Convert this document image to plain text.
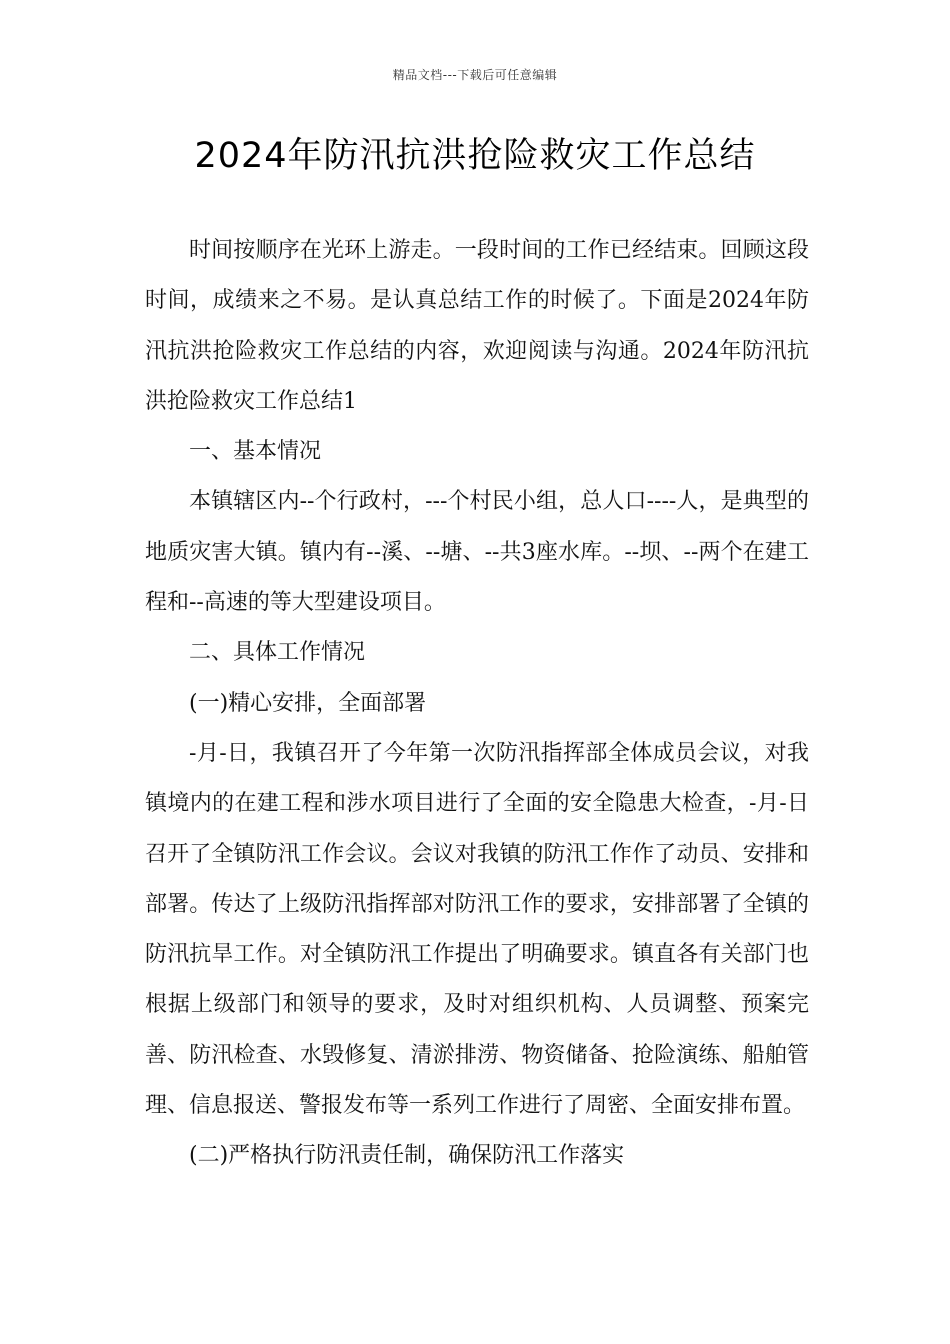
精品文档---下载后可任意编辑
2024年防汛抗洪抢险救灾工作总结

时间按顺序在光环上游走。一段时间的工作已经结束。回顾这段时间，成绩来之不易。是认真总结工作的时候了。下面是2024年防汛抗洪抢险救灾工作总结的内容，欢迎阅读与沟通。2024年防汛抗洪抢险救灾工作总结1

一、基本情况

本镇辖区内--个行政村，---个村民小组，总人口----人，是典型的地质灾害大镇。镇内有--溪、--塘、--共3座水库。--坝、--两个在建工程和--高速的等大型建设项目。

二、具体工作情况

(一)精心安排，全面部署

-月-日，我镇召开了今年第一次防汛指挥部全体成员会议，对我镇境内的在建工程和涉水项目进行了全面的安全隐患大检查，-月-日召开了全镇防汛工作会议。会议对我镇的防汛工作作了动员、安排和部署。传达了上级防汛指挥部对防汛工作的要求，安排部署了全镇的防汛抗旱工作。对全镇防汛工作提出了明确要求。镇直各有关部门也根据上级部门和领导的要求，及时对组织机构、人员调整、预案完善、防汛检查、水毁修复、清淤排涝、物资储备、抢险演练、船舶管理、信息报送、警报发布等一系列工作进行了周密、全面安排布置。

(二)严格执行防汛责任制，确保防汛工作落实
